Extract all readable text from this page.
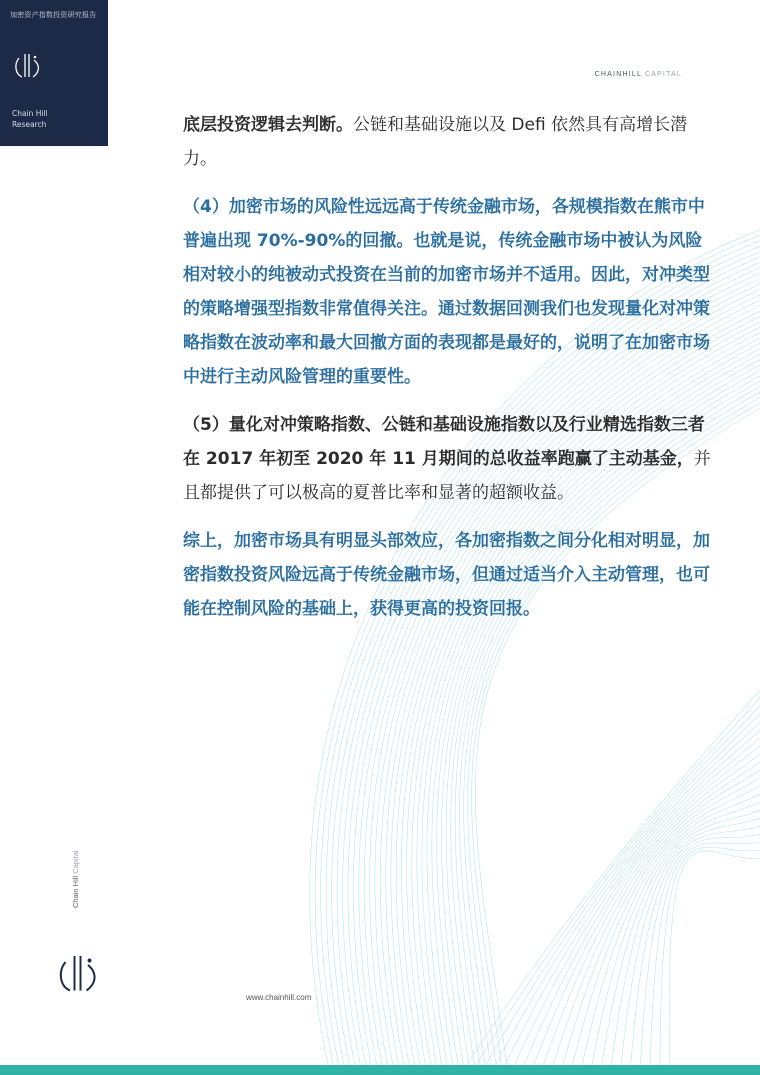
加密资产指数投资研究报告
Chain Hill
Research
CHAINHILL CAPITAL

底层投资逻辑去判断。公链和基础设施以及 Defi 依然具有高增长潜力。

（4）加密市场的风险性远远高于传统金融市场，各规模指数在熊市中普遍出现 70%-90%的回撤。也就是说，传统金融市场中被认为风险相对较小的纯被动式投资在当前的加密市场并不适用。因此，对冲类型的策略增强型指数非常值得关注。通过数据回测我们也发现量化对冲策略指数在波动率和最大回撤方面的表现都是最好的，说明了在加密市场中进行主动风险管理的重要性。

（5）量化对冲策略指数、公链和基础设施指数以及行业精选指数三者在 2017 年初至 2020 年 11 月期间的总收益率跑赢了主动基金，并且都提供了可以极高的夏普比率和显著的超额收益。

综上，加密市场具有明显头部效应，各加密指数之间分化相对明显，加密指数投资风险远高于传统金融市场，但通过适当介入主动管理，也可能在控制风险的基础上，获得更高的投资回报。

Chain Hill Capital
www.chainhill.com
